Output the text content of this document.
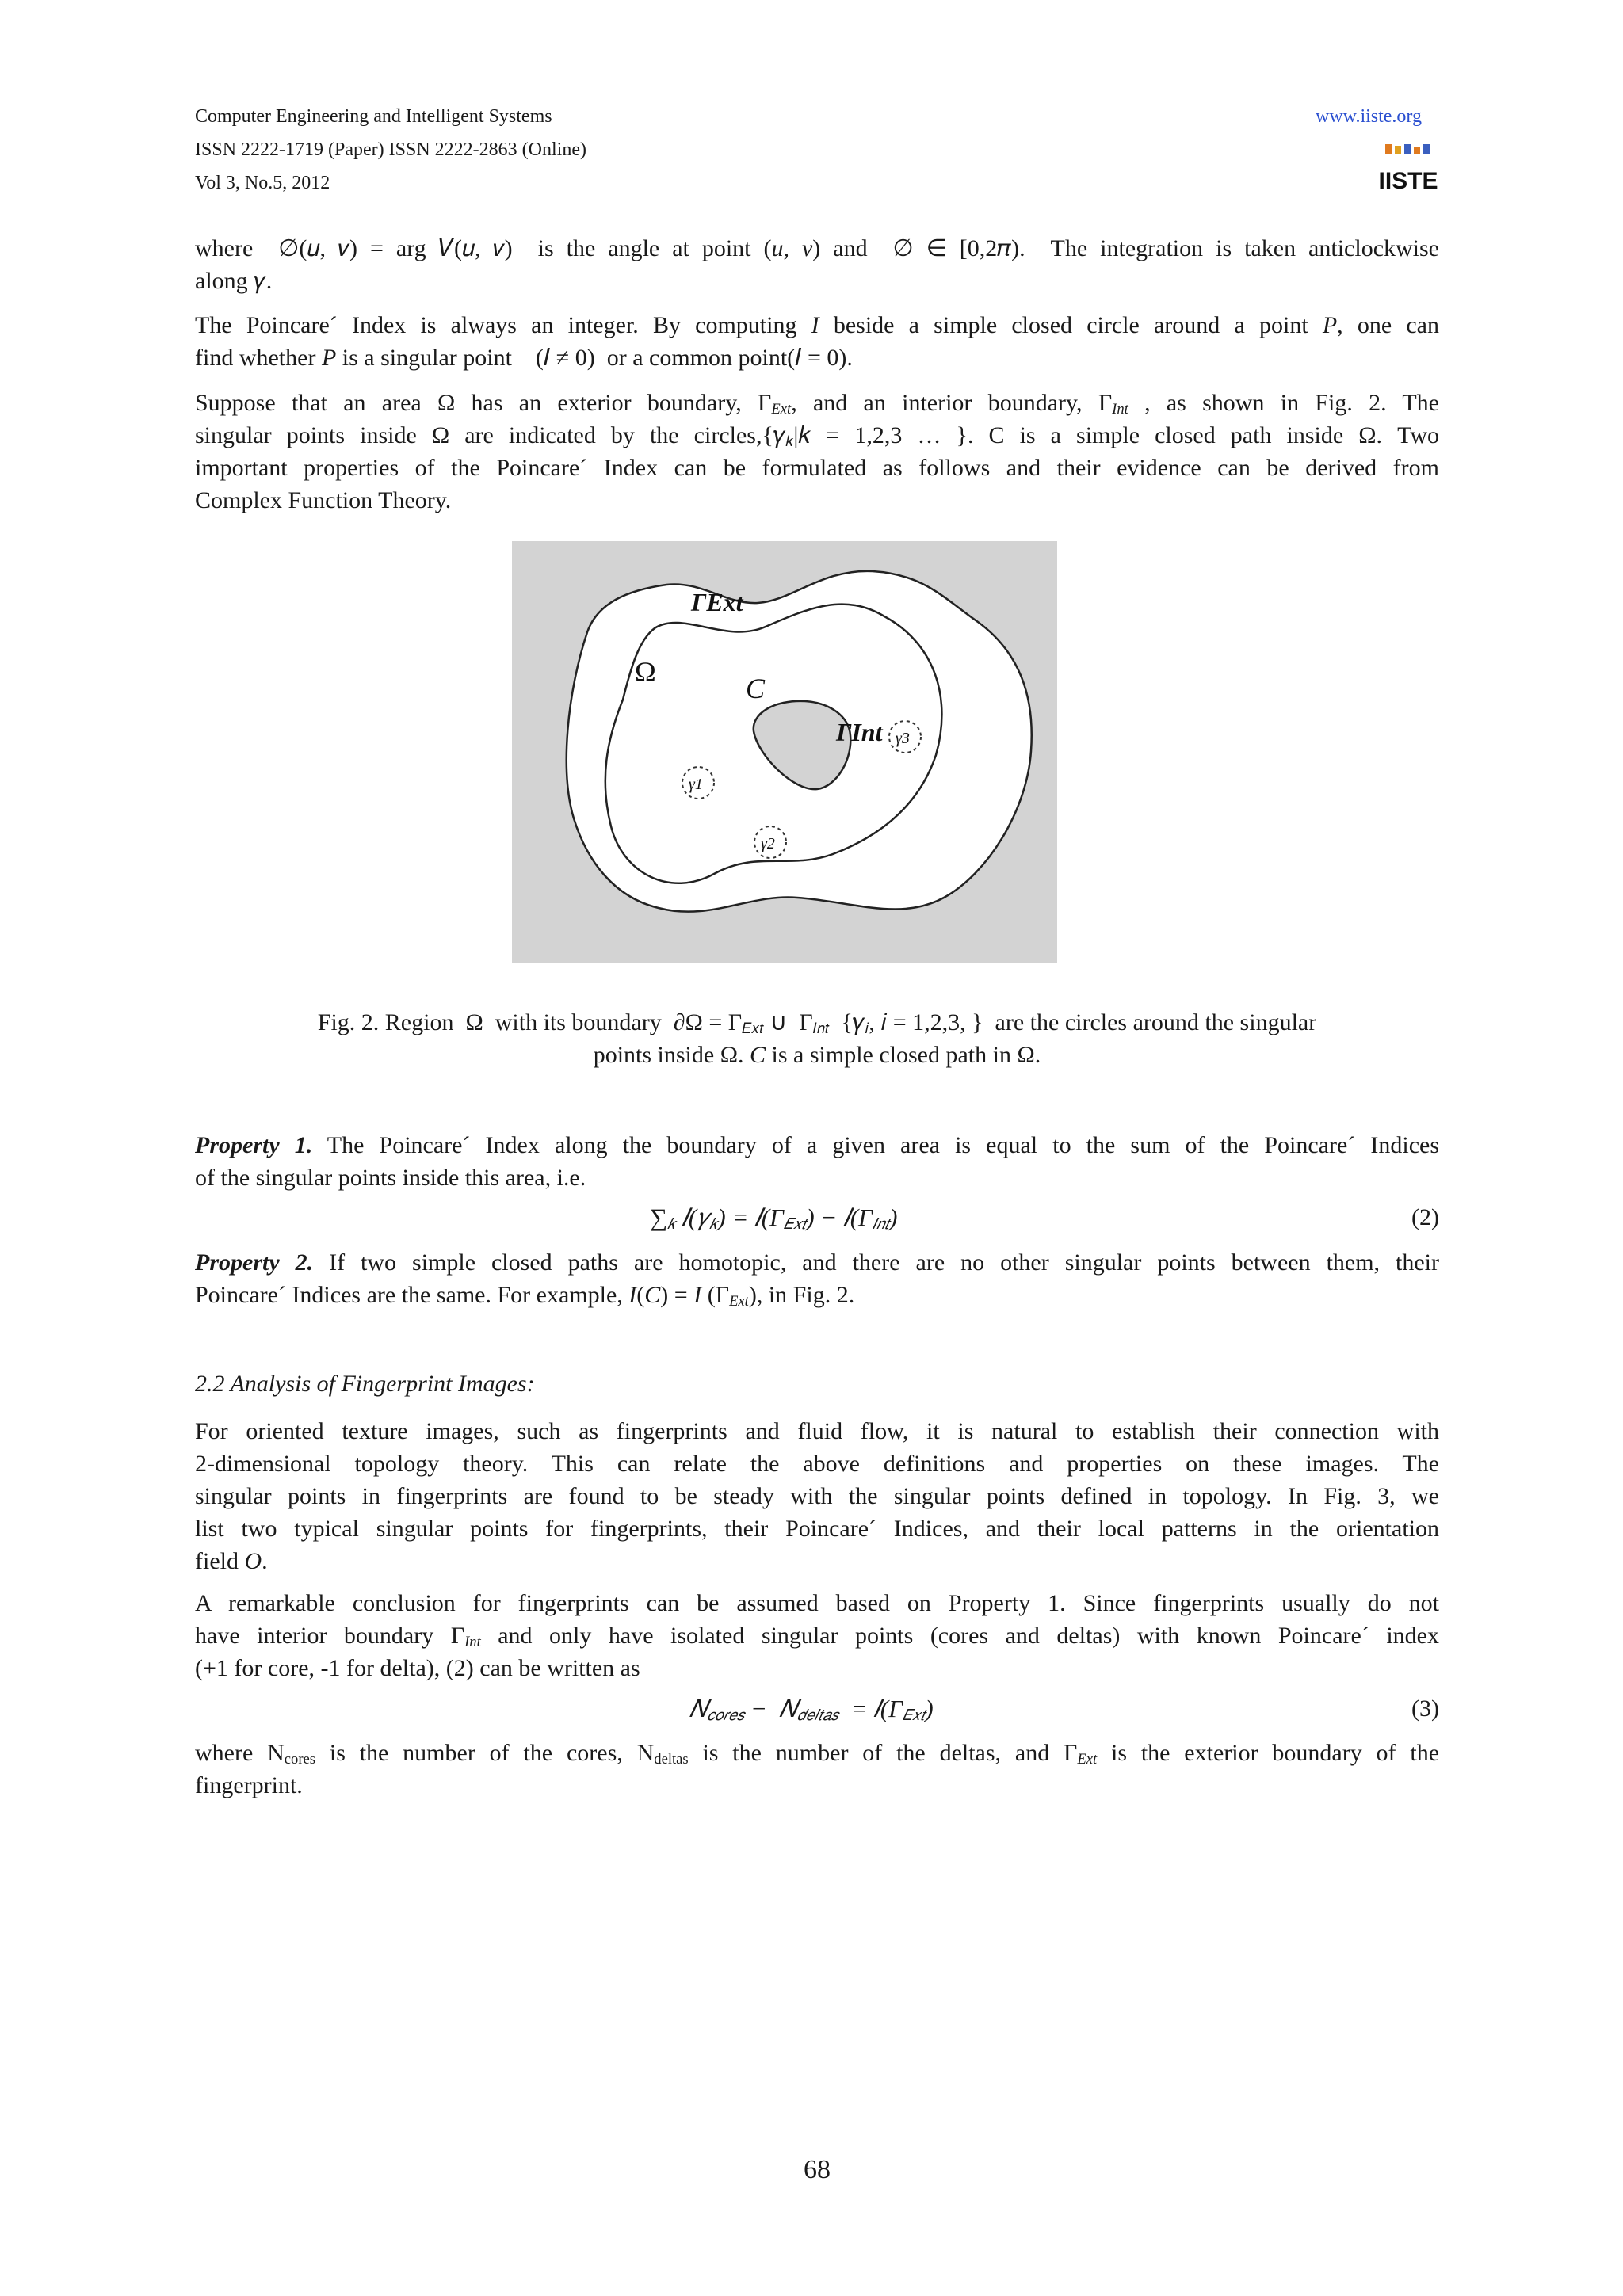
Computer Engineering and Intelligent Systems
ISSN 2222-1719 (Paper) ISSN 2222-2863 (Online)
Vol 3, No.5, 2012
www.iiste.org
IISTE
where  ∅(𝑢, 𝑣) = arg 𝑉(𝑢, 𝑣)  is the angle at point (u, v) and  ∅ ∈ [0,2𝜋).  The integration is taken anticlockwise
along 𝛾.
The Poincare´ Index is always an integer. By computing I beside a simple closed circle around a point P, one can
find whether P is a singular point    (𝐼 ≠ 0)  or a common point(𝐼 = 0).
Suppose that an area Ω has an exterior boundary, $\Gamma_{Ext}$, and an interior boundary, $\Gamma_{Int}$ , as shown in Fig. 2. The
singular points inside Ω are indicated by the circles,{𝛾$_𝑘$|𝑘 = 1,2,3 … }. C is a simple closed path inside Ω. Two
important properties of the Poincare´ Index can be formulated as follows and their evidence can be derived from
Complex Function Theory.
ΓExt
Ω
C
ΓInt
γ1
γ2
γ3
Fig. 2. Region  Ω  with its boundary  $\partial\Omega = \Gamma_{𝐸𝑥𝑡}$ ∪  $\Gamma_{𝐼𝑛𝑡}$  {𝛾$_𝑖$, 𝑖 = 1,2,3, }  are the circles around the singular
points inside Ω. C is a simple closed path in Ω.
Property 1. The Poincare´ Index along the boundary of a given area is equal to the sum of the Poincare´ Indices
of the singular points inside this area, i.e.
$\sum_𝑘$ 𝐼(𝛾$_𝑘$) = $𝐼(\Gamma_{𝐸𝑥𝑡})$ − $𝐼(\Gamma_{𝐼𝑛𝑡})$	(2)
Property 2. If two simple closed paths are homotopic, and there are no other singular points between them, their
Poincare´ Indices are the same. For example, I(C) = I $(\Gamma_{Ext})$, in Fig. 2.
2.2 Analysis of Fingerprint Images:
For oriented texture images, such as fingerprints and fluid flow, it is natural to establish their connection with
2-dimensional topology theory. This can relate the above definitions and properties on these images. The
singular points in fingerprints are found to be steady with the singular points defined in topology. In Fig. 3, we
list two typical singular points for fingerprints, their Poincare´ Indices, and their local patterns in the orientation
field O.
A remarkable conclusion for fingerprints can be assumed based on Property 1. Since fingerprints usually do not
have interior boundary $\Gamma_{Int}$ and only have isolated singular points (cores and deltas) with known Poincare´ index
(+1 for core, -1 for delta), (2) can be written as
𝑁$_{𝑐𝑜𝑟𝑒𝑠}$ −  𝑁$_{𝑑𝑒𝑙𝑡𝑎𝑠}$  = $𝐼(\Gamma_{𝐸𝑥𝑡})$	(3)
where $N_{cores}$ is the number of the cores, $N_{deltas}$ is the number of the deltas, and $\Gamma_{Ext}$ is the exterior boundary of the
fingerprint.
68
